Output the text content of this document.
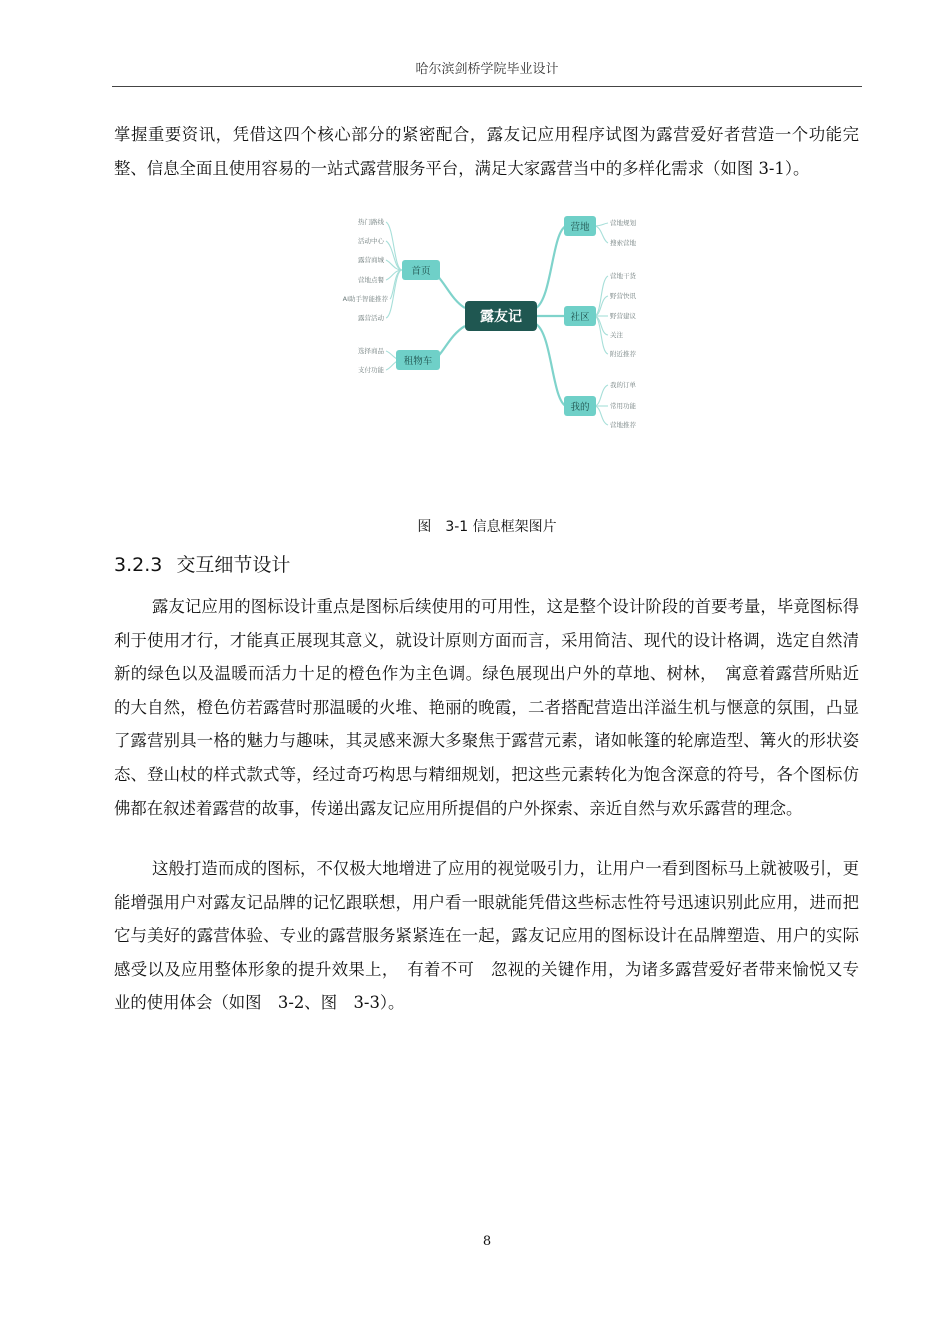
哈尔滨剑桥学院毕业设计
掌握重要资讯，凭借这四个核心部分的紧密配合，露友记应用程序试图为露营爱好者营造一个功能完整、信息全面且使用容易的一站式露营服务平台，满足大家露营当中的多样化需求（如图 3-1）。
露友记
首页
租物车
营地
社区
我的
热门路线
活动中心
露营商城
营地点餐
AI助手智能推荐
露营活动
选择商品
支付功能
营地规划
搜索营地
营地干货
野营快讯
野营建议
关注
附近推荐
我的订单
常用功能
营地推荐
图　3-1 信息框架图片
3.2.3 交互细节设计
露友记应用的图标设计重点是图标后续使用的可用性，这是整个设计阶段的首要考量，毕竟图标得利于使用才行，才能真正展现其意义，就设计原则方面而言，采用简洁、现代的设计格调，选定自然清新的绿色以及温暖而活力十足的橙色作为主色调。绿色展现出户外的草地、树林，　寓意着露营所贴近的大自然，橙色仿若露营时那温暖的火堆、艳丽的晚霞，二者搭配营造出洋溢生机与惬意的氛围，凸显了露营别具一格的魅力与趣味，其灵感来源大多聚焦于露营元素，诸如帐篷的轮廓造型、篝火的形状姿态、登山杖的样式款式等，经过奇巧构思与精细规划，把这些元素转化为饱含深意的符号，各个图标仿佛都在叙述着露营的故事，传递出露友记应用所提倡的户外探索、亲近自然与欢乐露营的理念。
这般打造而成的图标，不仅极大地增进了应用的视觉吸引力，让用户一看到图标马上就被吸引，更能增强用户对露友记品牌的记忆跟联想，用户看一眼就能凭借这些标志性符号迅速识别此应用，进而把它与美好的露营体验、专业的露营服务紧紧连在一起，露友记应用的图标设计在品牌塑造、用户的实际感受以及应用整体形象的提升效果上，　有着不可　忽视的关键作用，为诸多露营爱好者带来愉悦又专业的使用体会（如图　3-2、图　3-3）。
8
